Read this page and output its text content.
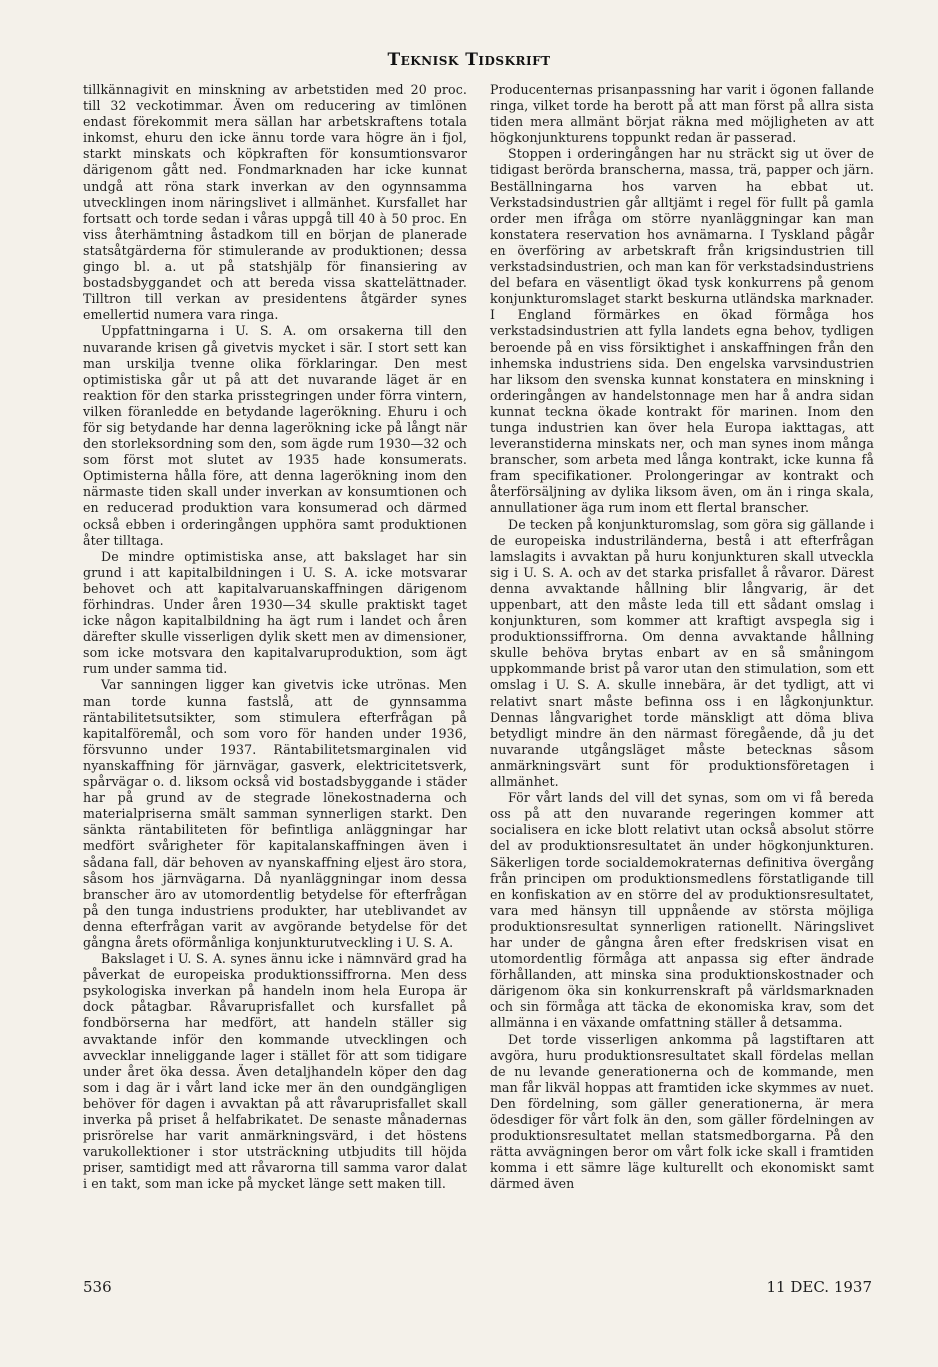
Teknisk Tidskrift

tillkännagivit en minskning av arbetstiden med 20 proc. till 32 veckotimmar. Även om reducering av timlönen endast förekommit mera sällan har arbetskraftens totala inkomst, ehuru den icke ännu torde vara högre än i fjol, starkt minskats och köpkraften för konsumtionsvaror därigenom gått ned. Fondmarknaden har icke kunnat undgå att röna stark inverkan av den ogynnsamma utvecklingen inom näringslivet i allmänhet. Kursfallet har fortsatt och torde sedan i våras uppgå till 40 à 50 proc. En viss återhämtning åstadkom till en början de planerade statsåtgärderna för stimulerande av produktionen; dessa gingo bl. a. ut på statshjälp för finansiering av bostadsbyggandet och att bereda vissa skattelättnader. Tilltron till verkan av presidentens åtgärder synes emellertid numera vara ringa.

Uppfattningarna i U. S. A. om orsakerna till den nuvarande krisen gå givetvis mycket i sär. I stort sett kan man urskilja tvenne olika förklaringar. Den mest optimistiska går ut på att det nuvarande läget är en reaktion för den starka prisstegringen under förra vintern, vilken föranledde en betydande lagerökning. Ehuru i och för sig betydande har denna lagerökning icke på långt när den storleksordning som den, som ägde rum 1930—32 och som först mot slutet av 1935 hade konsumerats. Optimisterna hålla före, att denna lagerökning inom den närmaste tiden skall under inverkan av konsumtionen och en reducerad produktion vara konsumerad och därmed också ebben i orderingången upphöra samt produktionen åter tilltaga.

De mindre optimistiska anse, att bakslaget har sin grund i att kapitalbildningen i U. S. A. icke motsvarar behovet och att kapitalvaruanskaffningen därigenom förhindras. Under åren 1930—34 skulle praktiskt taget icke någon kapitalbildning ha ägt rum i landet och åren därefter skulle visserligen dylik skett men av dimensioner, som icke motsvara den kapitalvaruproduktion, som ägt rum under samma tid.

Var sanningen ligger kan givetvis icke utrönas. Men man torde kunna fastslå, att de gynnsamma räntabilitetsutsikter, som stimulera efterfrågan på kapitalföremål, och som voro för handen under 1936, försvunno under 1937. Räntabilitetsmarginalen vid nyanskaffning för järnvägar, gasverk, elektricitetsverk, spårvägar o. d. liksom också vid bostadsbyggande i städer har på grund av de stegrade lönekostnaderna och materialpriserna smält samman synnerligen starkt. Den sänkta räntabiliteten för befintliga anläggningar har medfört svårigheter för kapitalanskaffningen även i sådana fall, där behoven av nyanskaffning eljest äro stora, såsom hos järnvägarna. Då nyanläggningar inom dessa branscher äro av utomordentlig betydelse för efterfrågan på den tunga industriens produkter, har uteblivandet av denna efterfrågan varit av avgörande betydelse för det gångna årets oförmånliga konjunkturutveckling i U. S. A.

Bakslaget i U. S. A. synes ännu icke i nämnvärd grad ha påverkat de europeiska produktionssiffrorna. Men dess psykologiska inverkan på handeln inom hela Europa är dock påtagbar. Råvaruprisfallet och kursfallet på fondbörserna har medfört, att handeln ställer sig avvaktande inför den kommande utvecklingen och avvecklar inneliggande lager i stället för att som tidigare under året öka dessa. Även detaljhandeln köper den dag som i dag är i vårt land icke mer än den oundgängligen behöver för dagen i avvaktan på att råvaruprisfallet skall inverka på priset å helfabrikatet. De senaste månadernas prisrörelse har varit anmärkningsvärd, i det höstens varukollektioner i stor utsträckning utbjudits till höjda priser, samtidigt med att råvarorna till samma varor dalat i en takt, som man icke på mycket länge sett maken till.

Producenternas prisanpassning har varit i ögonen fallande ringa, vilket torde ha berott på att man först på allra sista tiden mera allmänt börjat räkna med möjligheten av att högkonjunkturens toppunkt redan är passerad.

Stoppen i orderingången har nu sträckt sig ut över de tidigast berörda branscherna, massa, trä, papper och järn. Beställningarna hos varven ha ebbat ut. Verkstadsindustrien går alltjämt i regel för fullt på gamla order men ifråga om större nyanläggningar kan man konstatera reservation hos avnämarna. I Tyskland pågår en överföring av arbetskraft från krigsindustrien till verkstadsindustrien, och man kan för verkstadsindustriens del befara en väsentligt ökad tysk konkurrens på genom konjunkturomslaget starkt beskurna utländska marknader. I England förmärkes en ökad förmåga hos verkstadsindustrien att fylla landets egna behov, tydligen beroende på en viss försiktighet i anskaffningen från den inhemska industriens sida. Den engelska varvsindustrien har liksom den svenska kunnat konstatera en minskning i orderingången av handelstonnage men har å andra sidan kunnat teckna ökade kontrakt för marinen. Inom den tunga industrien kan över hela Europa iakttagas, att leveranstiderna minskats ner, och man synes inom många branscher, som arbeta med långa kontrakt, icke kunna få fram specifikationer. Prolongeringar av kontrakt och återförsäljning av dylika liksom även, om än i ringa skala, annullationer äga rum inom ett flertal branscher.

De tecken på konjunkturomslag, som göra sig gällande i de europeiska industriländerna, bestå i att efterfrågan lamslagits i avvaktan på huru konjunkturen skall utveckla sig i U. S. A. och av det starka prisfallet å råvaror. Därest denna avvaktande hållning blir långvarig, är det uppenbart, att den måste leda till ett sådant omslag i konjunkturen, som kommer att kraftigt avspegla sig i produktionssiffrorna. Om denna avvaktande hållning skulle behöva brytas enbart av en så småningom uppkommande brist på varor utan den stimulation, som ett omslag i U. S. A. skulle innebära, är det tydligt, att vi relativt snart måste befinna oss i en lågkonjunktur. Dennas långvarighet torde mänskligt att döma bliva betydligt mindre än den närmast föregående, då ju det nuvarande utgångsläget måste betecknas såsom anmärkningsvärt sunt för produktionsföretagen i allmänhet.

För vårt lands del vill det synas, som om vi få bereda oss på att den nuvarande regeringen kommer att socialisera en icke blott relativt utan också absolut större del av produktionsresultatet än under högkonjunkturen. Säkerligen torde socialdemokraternas definitiva övergång från principen om produktionsmedlens förstatligande till en konfiskation av en större del av produktionsresultatet, vara med hänsyn till uppnående av största möjliga produktionsresultat synnerligen rationellt. Näringslivet har under de gångna åren efter fredskrisen visat en utomordentlig förmåga att anpassa sig efter ändrade förhållanden, att minska sina produktionskostnader och därigenom öka sin konkurrenskraft på världsmarknaden och sin förmåga att täcka de ekonomiska krav, som det allmänna i en växande omfattning ställer å detsamma.

Det torde visserligen ankomma på lagstiftaren att avgöra, huru produktionsresultatet skall fördelas mellan de nu levande generationerna och de kommande, men man får likväl hoppas att framtiden icke skymmes av nuet. Den fördelning, som gäller generationerna, är mera ödesdiger för vårt folk än den, som gäller fördelningen av produktionsresultatet mellan statsmedborgarna. På den rätta avvägningen beror om vårt folk icke skall i framtiden komma i ett sämre läge kulturellt och ekonomiskt samt därmed även

536	11 DEC. 1937
